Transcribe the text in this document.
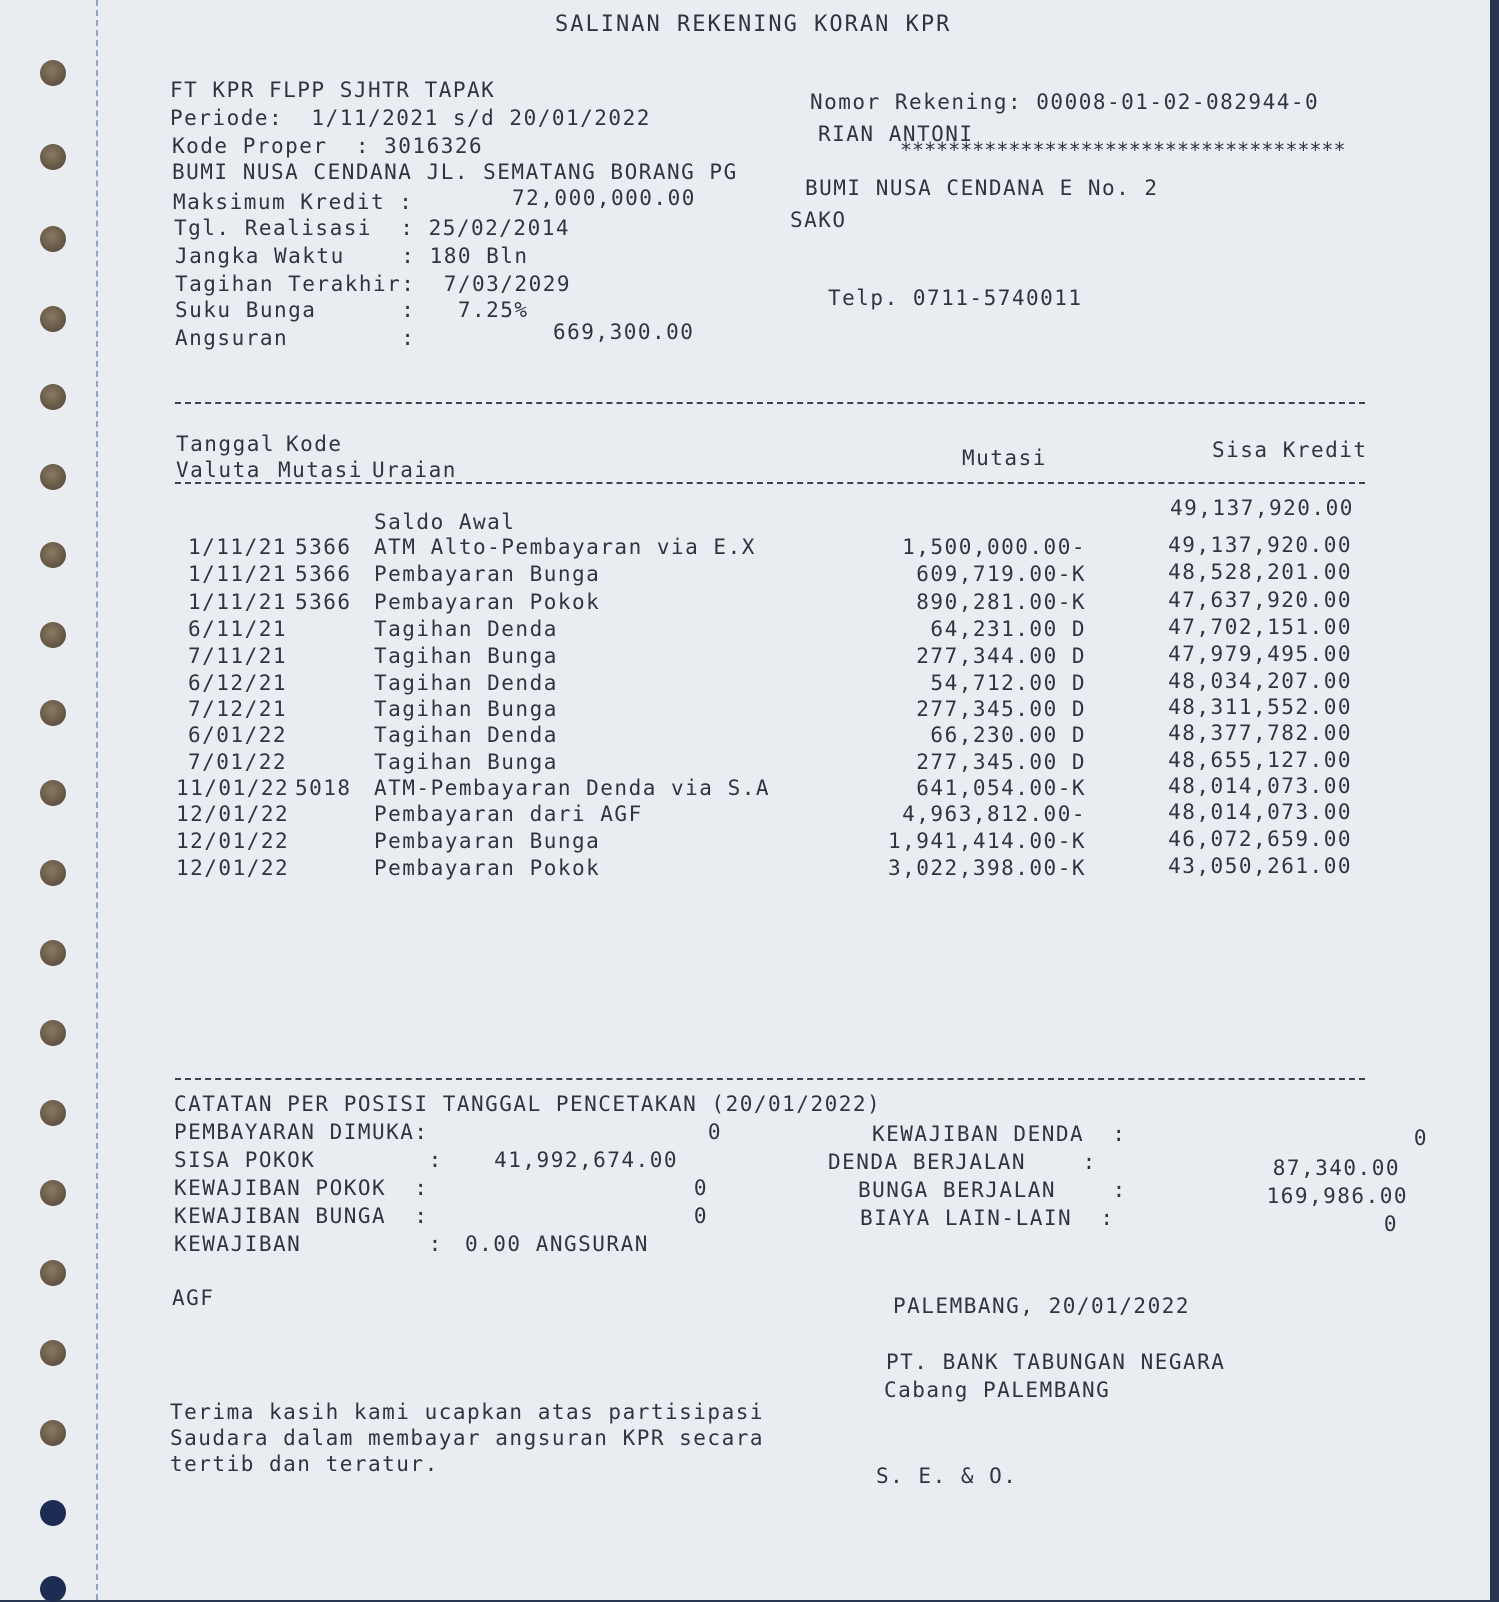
SALINAN REKENING KORAN KPR
FT KPR FLPP SJHTR TAPAK
Periode:  1/11/2021 s/d 20/01/2022
Kode Proper  : 3016326
BUMI NUSA CENDANA JL. SEMATANG BORANG PG
Maksimum Kredit :	72,000,000.00
Tgl. Realisasi  : 25/02/2014
Jangka Waktu    : 180 Bln
Tagihan Terakhir:  7/03/2029
Suku Bunga      :   7.25%
Angsuran        :	669,300.00
Nomor Rekening: 00008-01-02-082944-0
RIAN ANTONI
*************************************
BUMI NUSA CENDANA E No. 2
SAKO
Telp. 0711-5740011
Tanggal Kode
Valuta Mutasi Uraian	Mutasi	Sisa Kredit
Saldo Awal
49,137,920.00
1/11/21 5366 ATM Alto-Pembayaran via E.X	1,500,000.00-	49,137,920.00
1/11/21 5366 Pembayaran Bunga	609,719.00-K	48,528,201.00
1/11/21 5366 Pembayaran Pokok	890,281.00-K	47,637,920.00
6/11/21	Tagihan Denda	64,231.00 D	47,702,151.00
7/11/21	Tagihan Bunga	277,344.00 D	47,979,495.00
6/12/21	Tagihan Denda	54,712.00 D	48,034,207.00
7/12/21	Tagihan Bunga	277,345.00 D	48,311,552.00
6/01/22	Tagihan Denda	66,230.00 D	48,377,782.00
7/01/22	Tagihan Bunga	277,345.00 D	48,655,127.00
11/01/22 5018 ATM-Pembayaran Denda via S.A	641,054.00-K	48,014,073.00
12/01/22	Pembayaran dari AGF	4,963,812.00-	48,014,073.00
12/01/22	Pembayaran Bunga	1,941,414.00-K	46,072,659.00
12/01/22	Pembayaran Pokok	3,022,398.00-K	43,050,261.00
CATATAN PER POSISI TANGGAL PENCETAKAN (20/01/2022)
PEMBAYARAN DIMUKA:	0
SISA POKOK        : 41,992,674.00
KEWAJIBAN POKOK  :	0
KEWAJIBAN BUNGA  :	0
KEWAJIBAN         : 0.00 ANGSURAN
KEWAJIBAN DENDA  :	0
DENDA BERJALAN    :	87,340.00
BUNGA BERJALAN    :	169,986.00
BIAYA LAIN-LAIN  :	0
AGF	PALEMBANG, 20/01/2022
PT. BANK TABUNGAN NEGARA
Cabang PALEMBANG
Terima kasih kami ucapkan atas partisipasi
Saudara dalam membayar angsuran KPR secara
tertib dan teratur.	S. E. & O.
